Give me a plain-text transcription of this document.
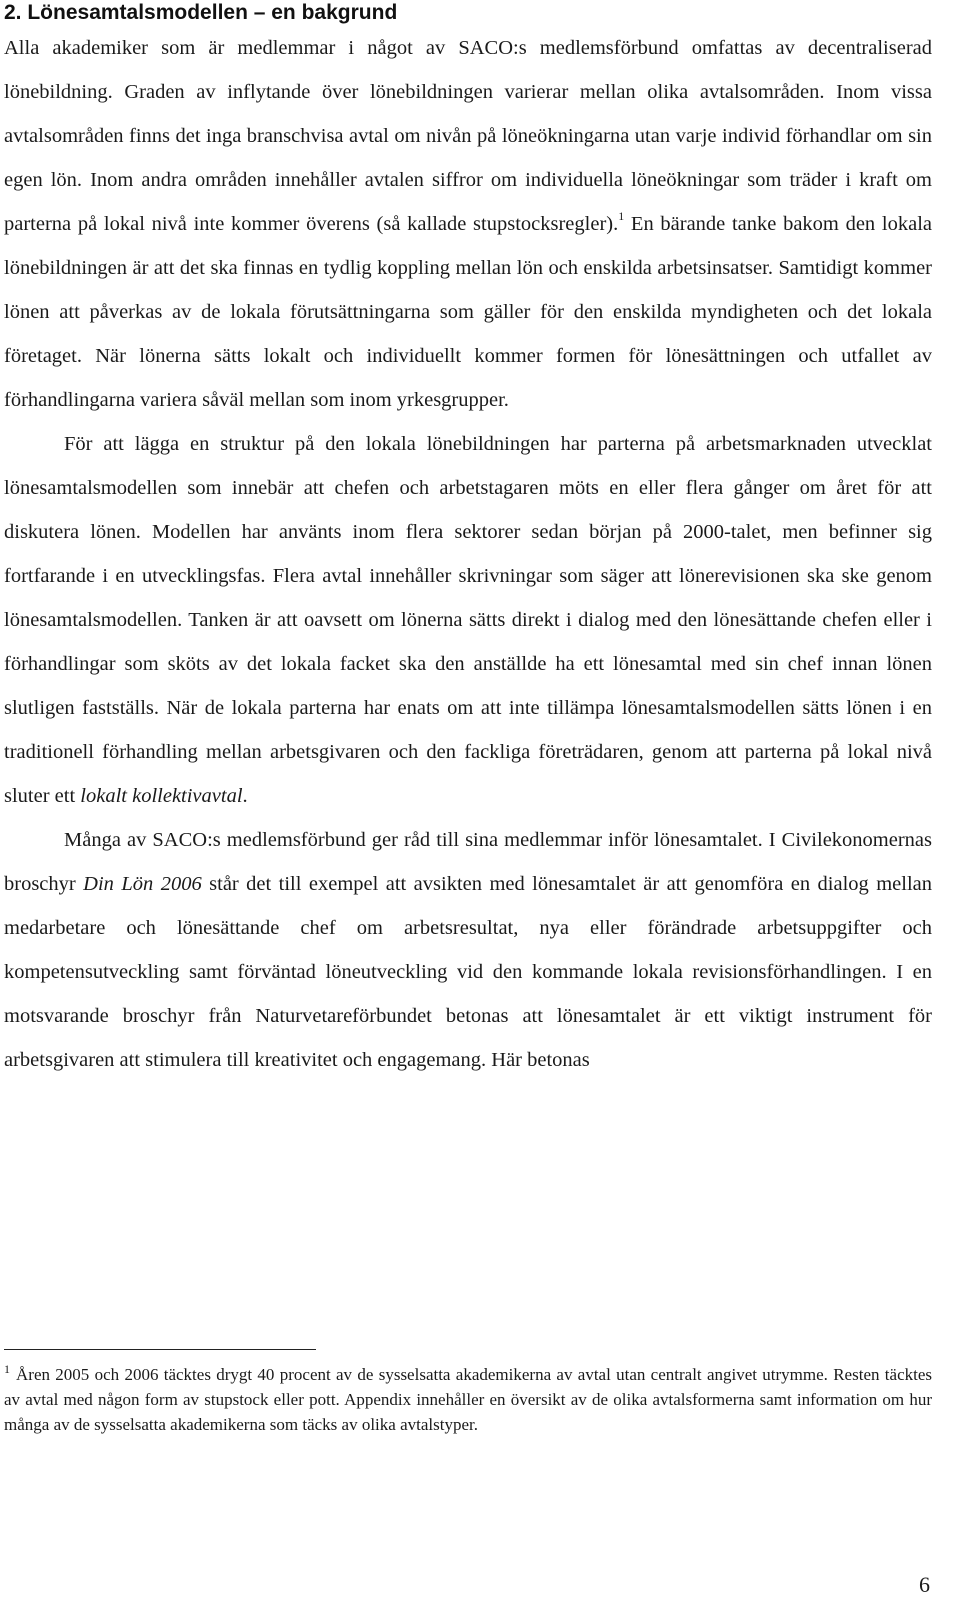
2. Lönesamtalsmodellen – en bakgrund

Alla akademiker som är medlemmar i något av SACO:s medlemsförbund omfattas av decentraliserad lönebildning. Graden av inflytande över lönebildningen varierar mellan olika avtalsområden. Inom vissa avtalsområden finns det inga branschvisa avtal om nivån på löneökningarna utan varje individ förhandlar om sin egen lön. Inom andra områden innehåller avtalen siffror om individuella löneökningar som träder i kraft om parterna på lokal nivå inte kommer överens (så kallade stupstocksregler).$^1$ En bärande tanke bakom den lokala lönebildningen är att det ska finnas en tydlig koppling mellan lön och enskilda arbetsinsatser. Samtidigt kommer lönen att påverkas av de lokala förutsättningarna som gäller för den enskilda myndigheten och det lokala företaget. När lönerna sätts lokalt och individuellt kommer formen för lönesättningen och utfallet av förhandlingarna variera såväl mellan som inom yrkesgrupper.

För att lägga en struktur på den lokala lönebildningen har parterna på arbetsmarknaden utvecklat lönesamtalsmodellen som innebär att chefen och arbetstagaren möts en eller flera gånger om året för att diskutera lönen. Modellen har använts inom flera sektorer sedan början på 2000-talet, men befinner sig fortfarande i en utvecklingsfas. Flera avtal innehåller skrivningar som säger att lönerevisionen ska ske genom lönesamtalsmodellen. Tanken är att oavsett om lönerna sätts direkt i dialog med den lönesättande chefen eller i förhandlingar som sköts av det lokala facket ska den anställde ha ett lönesamtal med sin chef innan lönen slutligen fastställs. När de lokala parterna har enats om att inte tillämpa lönesamtalsmodellen sätts lönen i en traditionell förhandling mellan arbetsgivaren och den fackliga företrädaren, genom att parterna på lokal nivå sluter ett lokalt kollektivavtal.

Många av SACO:s medlemsförbund ger råd till sina medlemmar inför lönesamtalet. I Civilekonomernas broschyr Din Lön 2006 står det till exempel att avsikten med lönesamtalet är att genomföra en dialog mellan medarbetare och lönesättande chef om arbetsresultat, nya eller förändrade arbetsuppgifter och kompetensutveckling samt förväntad löneutveckling vid den kommande lokala revisionsförhandlingen. I en motsvarande broschyr från Naturvetareförbundet betonas att lönesamtalet är ett viktigt instrument för arbetsgivaren att stimulera till kreativitet och engagemang. Här betonas

$^1$ Åren 2005 och 2006 täcktes drygt 40 procent av de sysselsatta akademikerna av avtal utan centralt angivet utrymme. Resten täcktes av avtal med någon form av stupstock eller pott. Appendix innehåller en översikt av de olika avtalsformerna samt information om hur många av de sysselsatta akademikerna som täcks av olika avtalstyper.

6
